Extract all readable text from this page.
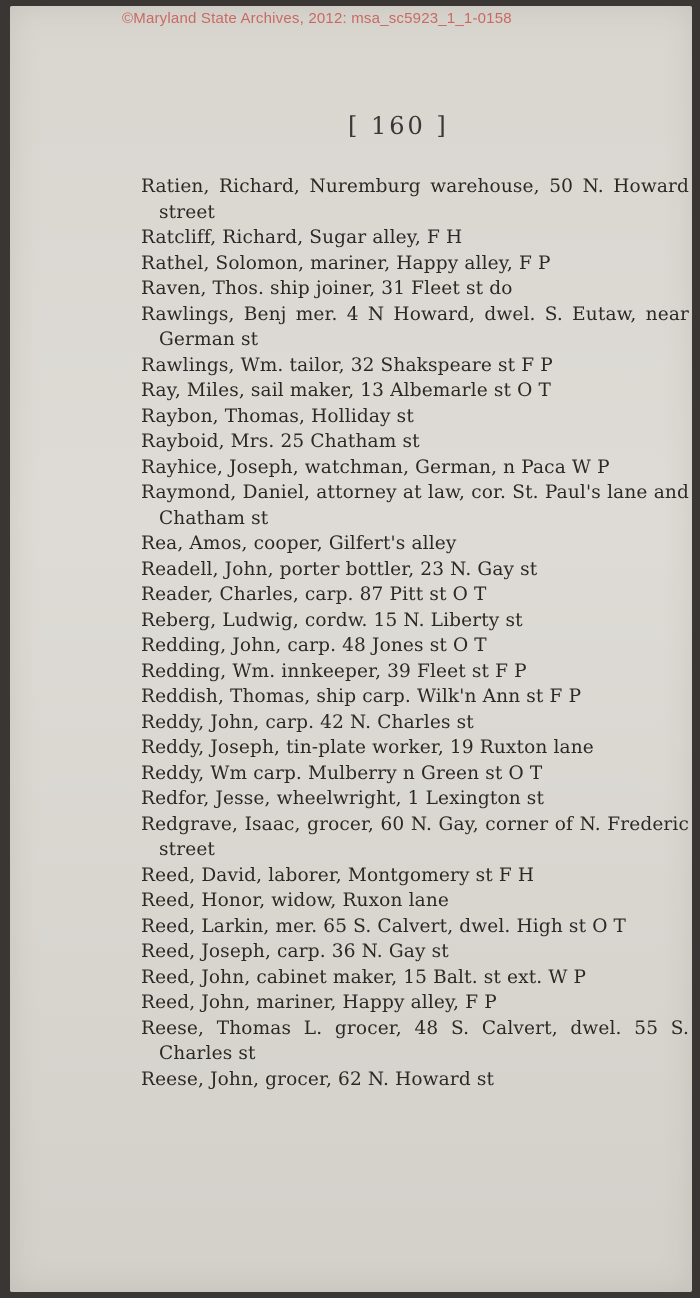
©Maryland State Archives, 2012: msa_sc5923_1_1-0158
[ 160 ]
Ratien, Richard, Nuremburg warehouse, 50 N. Howard street
Ratcliff, Richard, Sugar alley, F H
Rathel, Solomon, mariner, Happy alley, F P
Raven, Thos. ship joiner, 31 Fleet st do
Rawlings, Benj mer. 4 N Howard, dwel. S. Eutaw, near German st
Rawlings, Wm. tailor, 32 Shakspeare st F P
Ray, Miles, sail maker, 13 Albemarle st O T
Raybon, Thomas, Holliday st
Rayboid, Mrs. 25 Chatham st
Rayhice, Joseph, watchman, German, n Paca W P
Raymond, Daniel, attorney at law, cor. St. Paul's lane and Chatham st
Rea, Amos, cooper, Gilfert's alley
Readell, John, porter bottler, 23 N. Gay st
Reader, Charles, carp. 87 Pitt st O T
Reberg, Ludwig, cordw. 15 N. Liberty st
Redding, John, carp. 48 Jones st O T
Redding, Wm. innkeeper, 39 Fleet st F P
Reddish, Thomas, ship carp. Wilk'n Ann st F P
Reddy, John, carp. 42 N. Charles st
Reddy, Joseph, tin-plate worker, 19 Ruxton lane
Reddy, Wm carp. Mulberry n Green st O T
Redfor, Jesse, wheelwright, 1 Lexington st
Redgrave, Isaac, grocer, 60 N. Gay, corner of N. Frederic street
Reed, David, laborer, Montgomery st F H
Reed, Honor, widow, Ruxon lane
Reed, Larkin, mer. 65 S. Calvert, dwel. High st O T
Reed, Joseph, carp. 36 N. Gay st
Reed, John, cabinet maker, 15 Balt. st ext. W P
Reed, John, mariner, Happy alley, F P
Reese, Thomas L. grocer, 48 S. Calvert, dwel. 55 S. Charles st
Reese, John, grocer, 62 N. Howard st
